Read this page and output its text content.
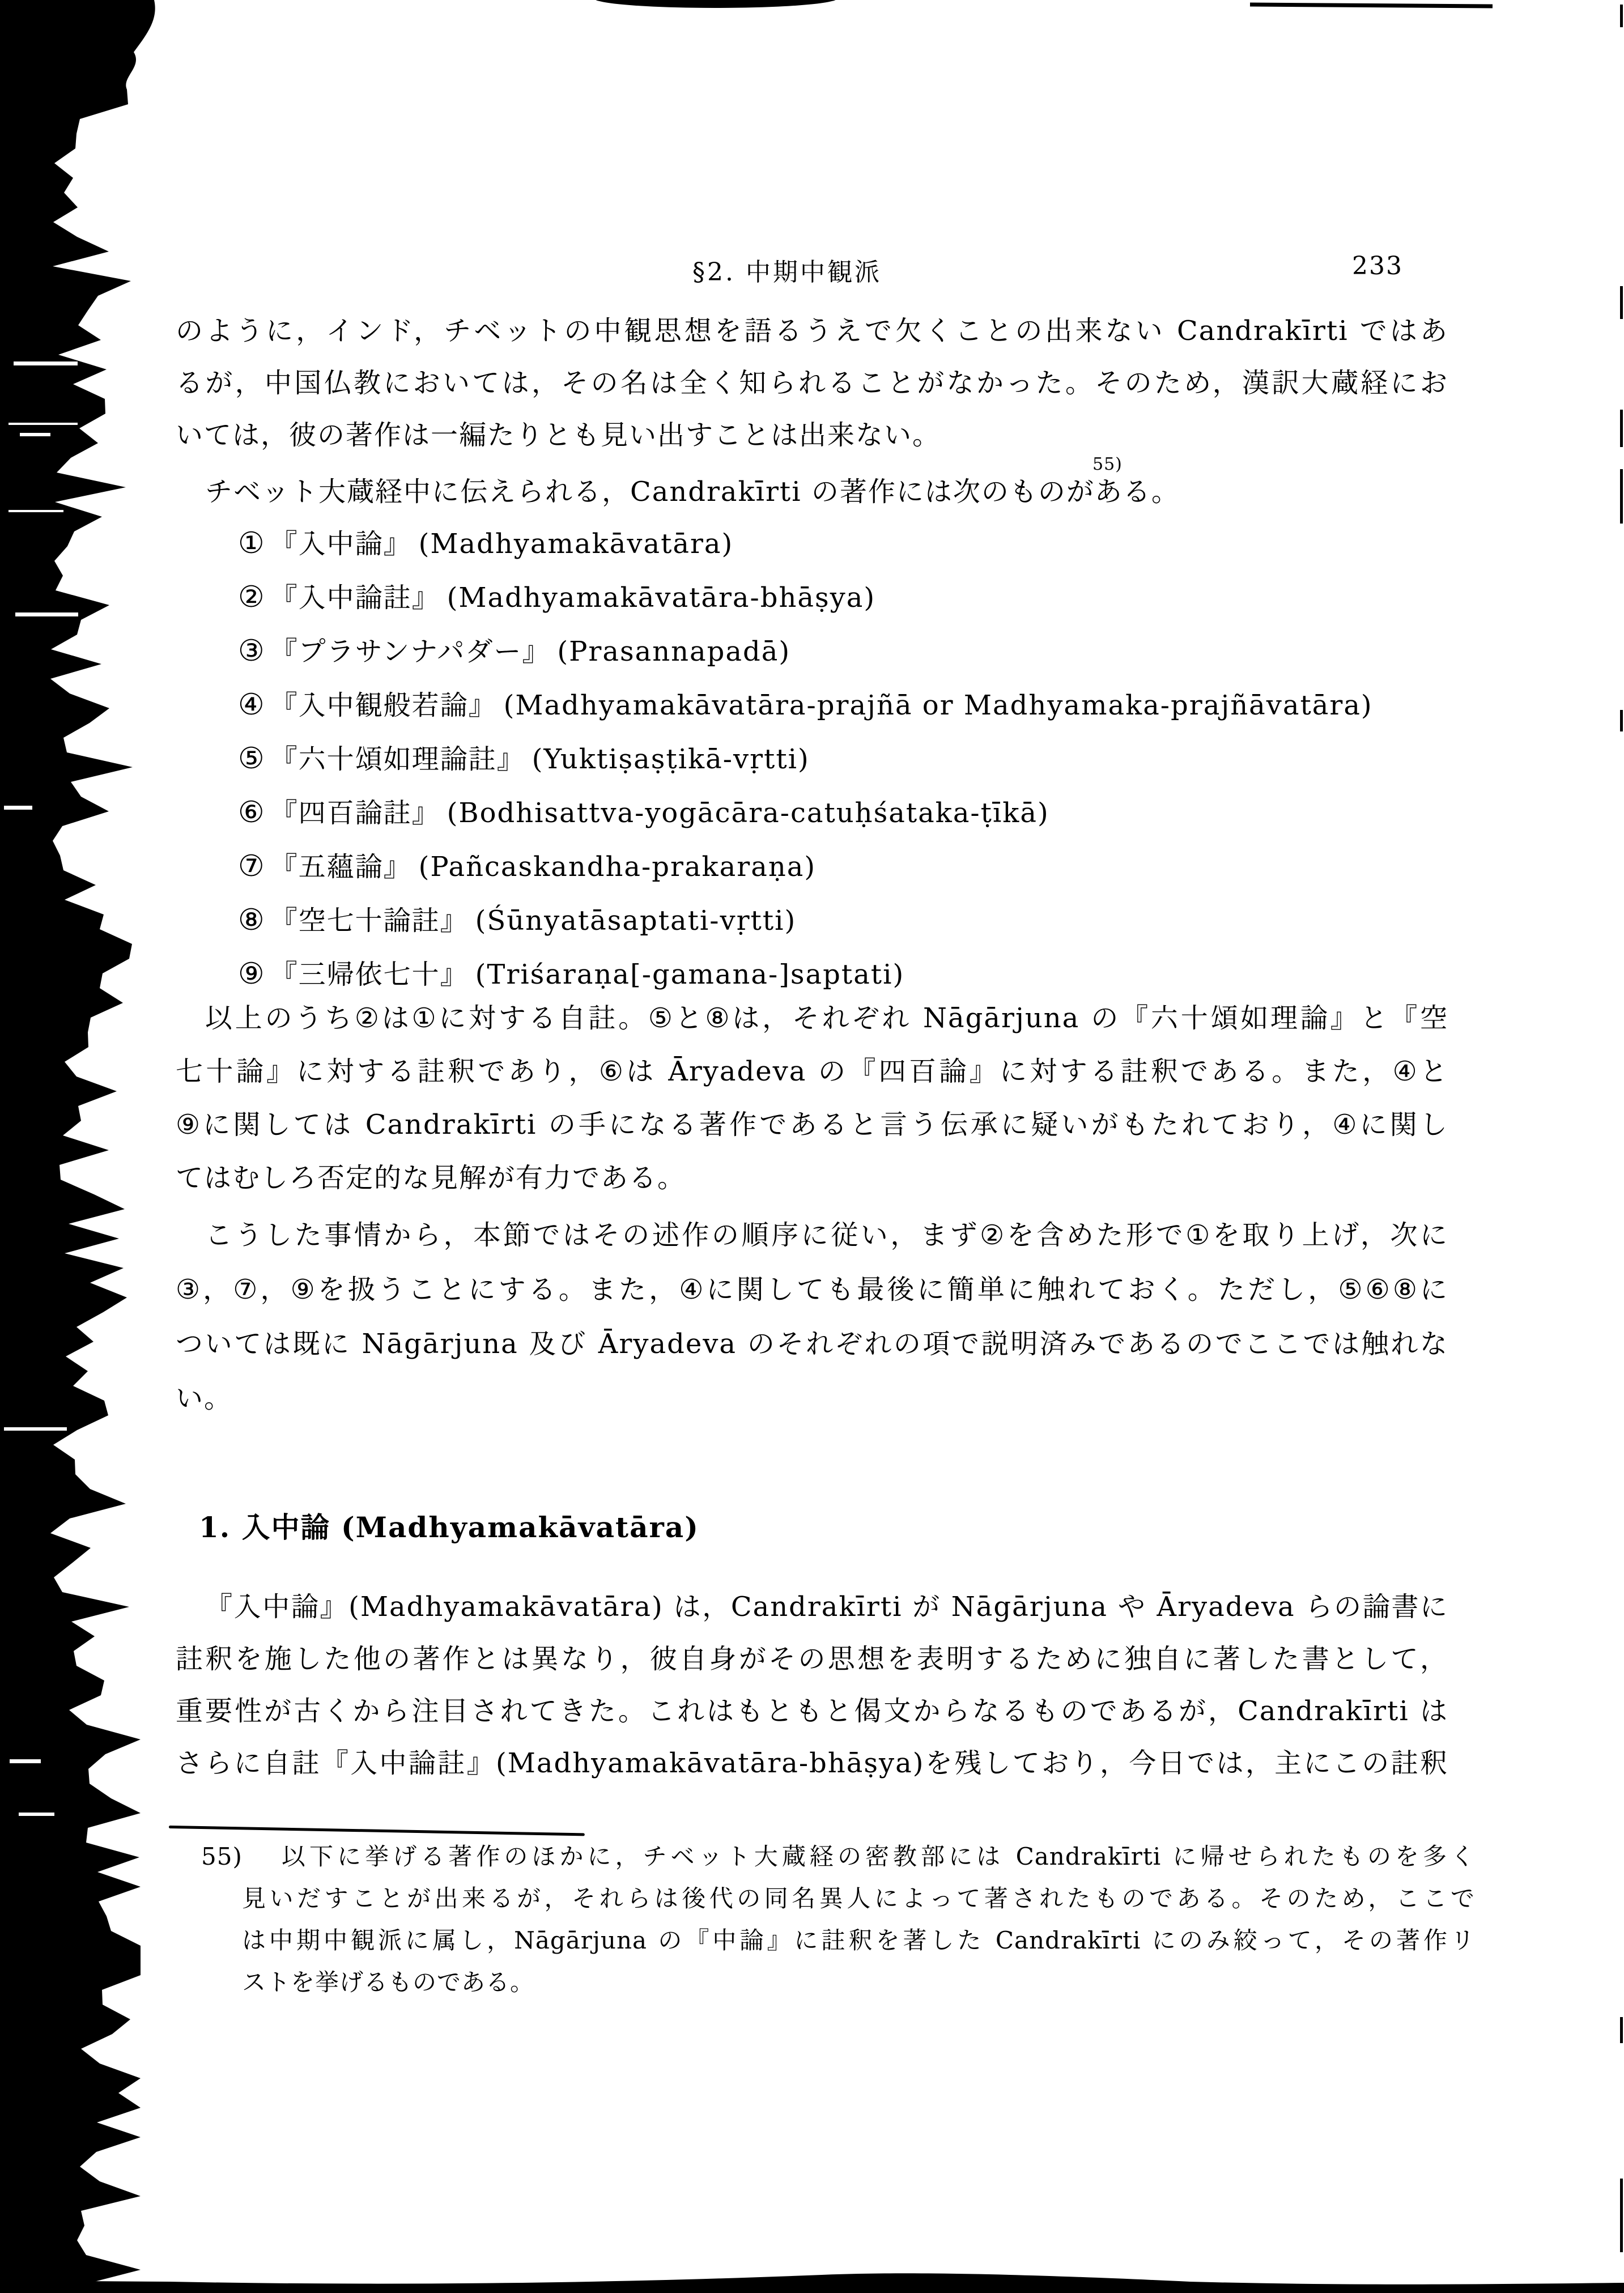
§2. 中期中観派	233
のように，インド，チベットの中観思想を語るうえで欠くことの出来ない Candrakīrti ではあ
るが，中国仏教においては，その名は全く知られることがなかった。そのため，漢訳大蔵経にお
いては，彼の著作は一編たりとも見い出すことは出来ない。
チベット大蔵経中に伝えられる，Candrakīrti の著作には次のものがある。
55)
① 『入中論』 (Madhyamakāvatāra)
② 『入中論註』 (Madhyamakāvatāra-bhāṣya)
③ 『プラサンナパダー』 (Prasannapadā)
④ 『入中観般若論』 (Madhyamakāvatāra-prajñā or Madhyamaka-prajñāvatāra)
⑤ 『六十頌如理論註』 (Yuktiṣaṣṭikā-vṛtti)
⑥ 『四百論註』 (Bodhisattva-yogācāra-catuḥśataka-ṭīkā)
⑦ 『五蘊論』 (Pañcaskandha-prakaraṇa)
⑧ 『空七十論註』 (Śūnyatāsaptati-vṛtti)
⑨ 『三帰依七十』 (Triśaraṇa[-gamana-]saptati)
以上のうち②は①に対する自註。⑤と⑧は，それぞれ Nāgārjuna の『六十頌如理論』と『空
七十論』に対する註釈であり，⑥は Āryadeva の『四百論』に対する註釈である。また，④と
⑨に関しては Candrakīrti の手になる著作であると言う伝承に疑いがもたれており，④に関し
てはむしろ否定的な見解が有力である。
こうした事情から，本節ではその述作の順序に従い，まず②を含めた形で①を取り上げ，次に
③，⑦，⑨を扱うことにする。また，④に関しても最後に簡単に触れておく。ただし，⑤⑥⑧に
ついては既に Nāgārjuna 及び Āryadeva のそれぞれの項で説明済みであるのでここでは触れな
い。
1. 入中論 (Madhyamakāvatāra)
『入中論』(Madhyamakāvatāra) は，Candrakīrti が Nāgārjuna や Āryadeva らの論書に
註釈を施した他の著作とは異なり，彼自身がその思想を表明するために独自に著した書として，
重要性が古くから注目されてきた。これはもともと偈文からなるものであるが，Candrakīrti は
さらに自註『入中論註』(Madhyamakāvatāra-bhāṣya)を残しており，今日では，主にこの註釈
55)	以下に挙げる著作のほかに，チベット大蔵経の密教部には Candrakīrti に帰せられたものを多く
見いだすことが出来るが，それらは後代の同名異人によって著されたものである。そのため，ここで
は中期中観派に属し，Nāgārjuna の『中論』に註釈を著した Candrakīrti にのみ絞って，その著作リ
ストを挙げるものである。
